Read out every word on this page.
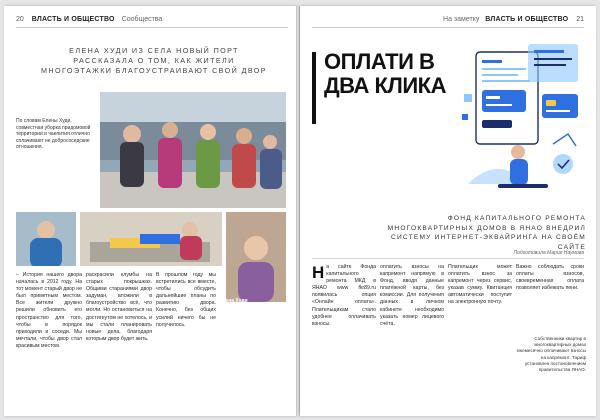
20 ВЛАСТЬ И ОБЩЕСТВО Сообщества
ЕЛЕНА ХУДИ ИЗ СЕЛА НОВЫЙ ПОРТ РАССКАЗАЛА О ТОМ, КАК ЖИТЕЛИ МНОГОЭТАЖКИ БЛАГОУСТРАИВАЮТ СВОЙ ДВОР
По словам Елены Худи, совместная уборка придомовой территории и чаепития отлично сплачивают не добрососедские отношения.
Елена Худи
– История нашего двора началась в 2012 году. На тот момент старый двор не был приметным местом. Все жители дружно решили обновить его пространство для того, чтобы в порядок приходили и соседи. Мы мечтали, чтобы двор стал красивым местом.
раскрасили клумбы на старых покрышках. Общими стараниями двор задуман, вложили в благоустройство всё, что могли. Но остановиться на достигнутом не хотелось, и мы стали планировать новые дела, благодаря которым двор будет жить.
В прошлом году мы встретились все вместе, чтобы обсудить дальнейшие планы по развитию двора. Конечно, без общих усилий ничего бы не получилось.
На заметку ВЛАСТЬ И ОБЩЕСТВО 21
ОПЛАТИ В ДВА КЛИКА
ФОНД КАПИТАЛЬНОГО РЕМОНТА МНОГОКВАРТИРНЫХ ДОМОВ В ЯНАО ВНЕДРИЛ СИСТЕМУ ИНТЕРНЕТ-ЭКВАЙРИНГА НА СВОЁМ САЙТЕ
Подготовила Мария Наумова
На сайте Фонда капитального ремонта МКД в ЯНАО www fkr89.ru появилась опция «Онлайн оплата». Плательщикам стало удобнее оплачивать взносы.
оплатить взносы на капремонт напрямую в Фонд, вводя данные платёжной карты, без комиссии. Для получения данных в личном кабинете необходимо указать номер лицевого счёта.
Плательщик может оплатить взнос за капремонт через сервис, указав сумму. Квитанция автоматически поступит на электронную почту.
Важно соблюдать сроки оплаты взносов, своевременная оплата позволяет избежать пени.
Собственники квартир в многоквартирных домах ежемесячно оплачивают взносы на капремонт. Тариф установлен постановлением правительства ЯНАО.
